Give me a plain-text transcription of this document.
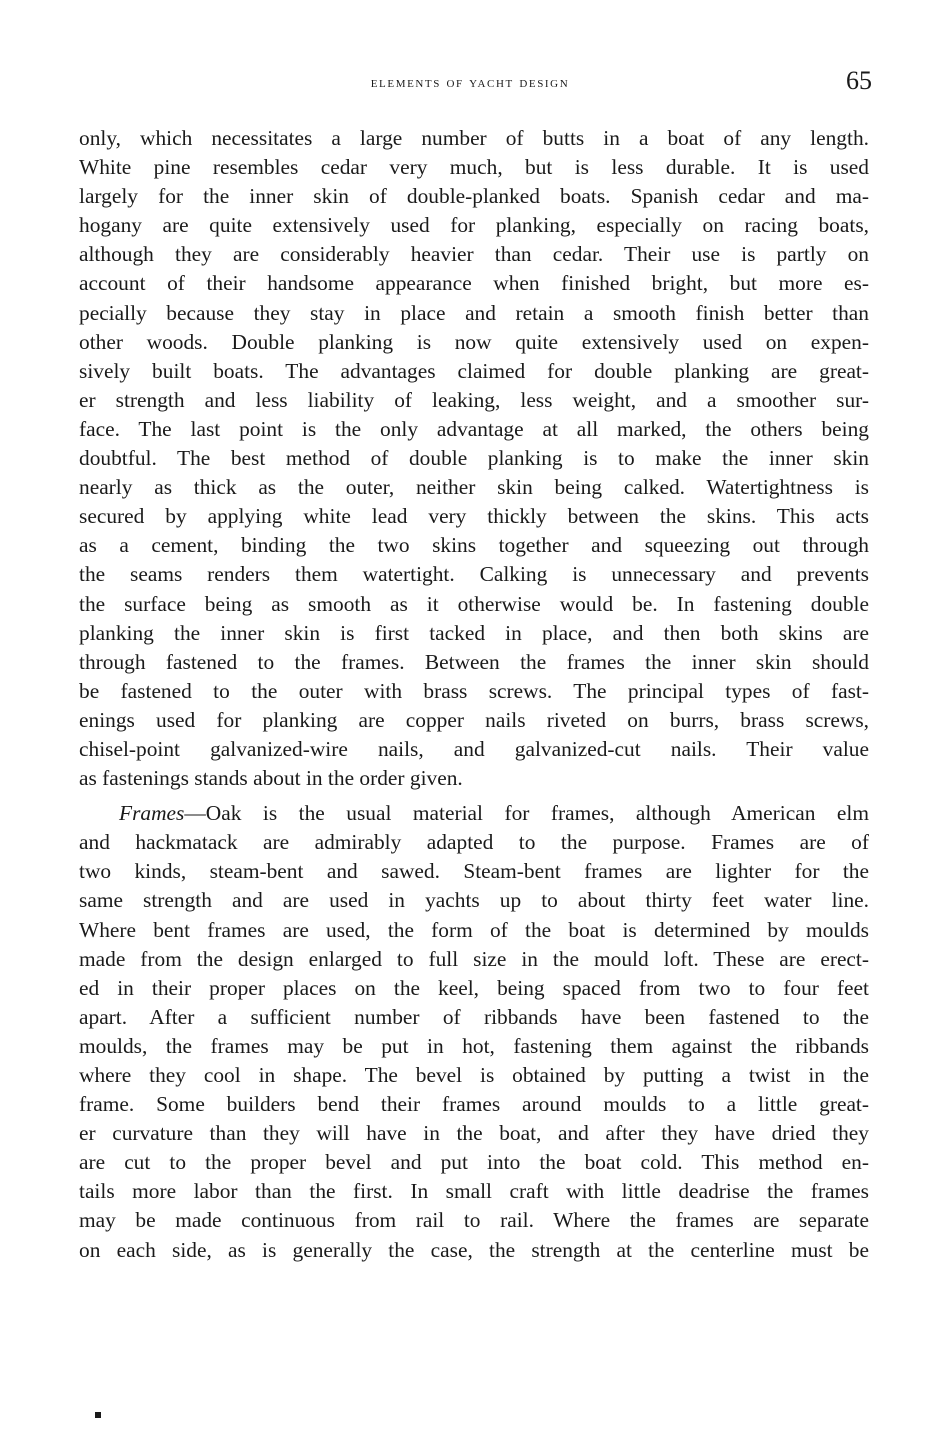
elements of yacht design	65
only, which necessitates a large number of butts in a boat of any length.
White pine resembles cedar very much, but is less durable. It is used
largely for the inner skin of double-planked boats. Spanish cedar and ma-
hogany are quite extensively used for planking, especially on racing boats,
although they are considerably heavier than cedar. Their use is partly on
account of their handsome appearance when finished bright, but more es-
pecially because they stay in place and retain a smooth finish better than
other woods. Double planking is now quite extensively used on expen-
sively built boats. The advantages claimed for double planking are great-
er strength and less liability of leaking, less weight, and a smoother sur-
face. The last point is the only advantage at all marked, the others being
doubtful. The best method of double planking is to make the inner skin
nearly as thick as the outer, neither skin being calked. Watertightness is
secured by applying white lead very thickly between the skins. This acts
as a cement, binding the two skins together and squeezing out through
the seams renders them watertight. Calking is unnecessary and prevents
the surface being as smooth as it otherwise would be. In fastening double
planking the inner skin is first tacked in place, and then both skins are
through fastened to the frames. Between the frames the inner skin should
be fastened to the outer with brass screws. The principal types of fast-
enings used for planking are copper nails riveted on burrs, brass screws,
chisel-point galvanized-wire nails, and galvanized-cut nails. Their value
as fastenings stands about in the order given.
Frames—Oak is the usual material for frames, although American elm
and hackmatack are admirably adapted to the purpose. Frames are of
two kinds, steam-bent and sawed. Steam-bent frames are lighter for the
same strength and are used in yachts up to about thirty feet water line.
Where bent frames are used, the form of the boat is determined by moulds
made from the design enlarged to full size in the mould loft. These are erect-
ed in their proper places on the keel, being spaced from two to four feet
apart. After a sufficient number of ribbands have been fastened to the
moulds, the frames may be put in hot, fastening them against the ribbands
where they cool in shape. The bevel is obtained by putting a twist in the
frame. Some builders bend their frames around moulds to a little great-
er curvature than they will have in the boat, and after they have dried they
are cut to the proper bevel and put into the boat cold. This method en-
tails more labor than the first. In small craft with little deadrise the frames
may be made continuous from rail to rail. Where the frames are separate
on each side, as is generally the case, the strength at the centerline must be
